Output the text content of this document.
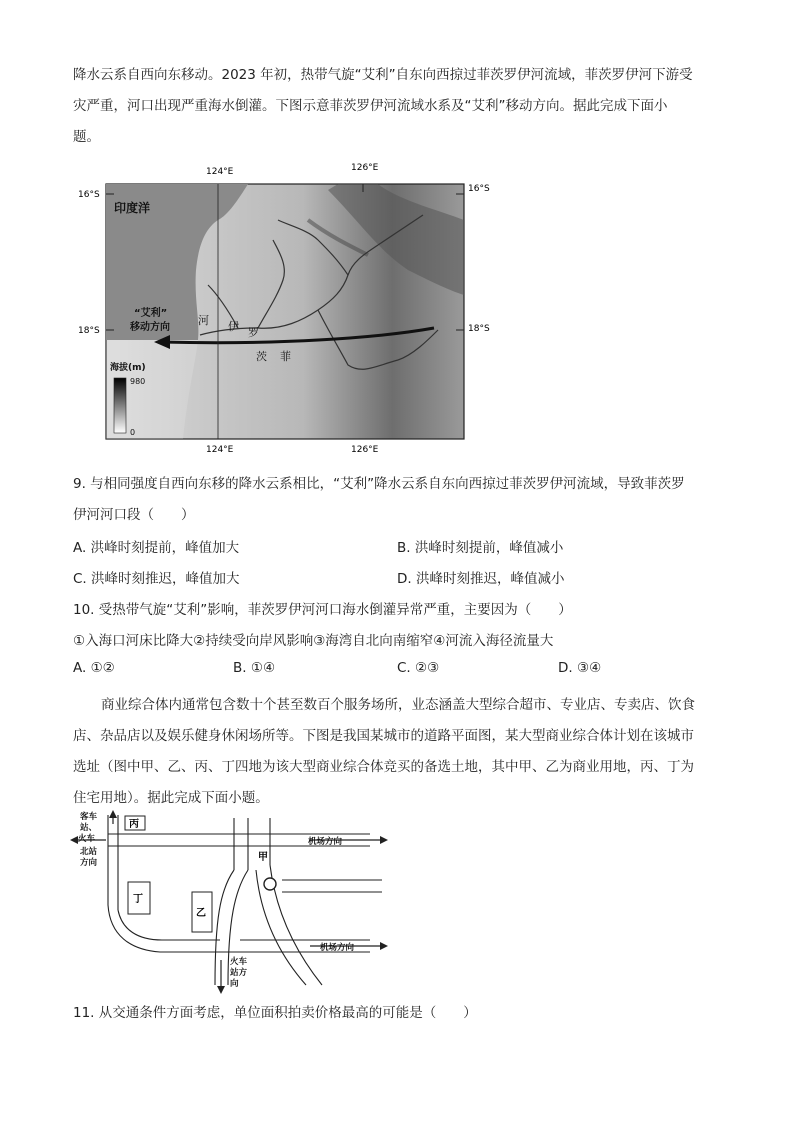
降水云系自西向东移动。2023 年初，热带气旋“艾利”自东向西掠过菲茨罗伊河流域，菲茨罗伊河下游受
灾严重，河口出现严重海水倒灌。下图示意菲茨罗伊河流域水系及“艾利”移动方向。据此完成下面小
题。
124°E	126°E
124°E	126°E
16°S
18°S
16°S
18°S
印度洋
“艾利”
移动方向
河 伊 罗
茨 菲
海拔(m)
980
0
9. 与相同强度自西向东移的降水云系相比，“艾利”降水云系自东向西掠过菲茨罗伊河流域，导致菲茨罗
伊河河口段（　　）
A. 洪峰时刻提前，峰值加大	B. 洪峰时刻提前，峰值减小
C. 洪峰时刻推迟，峰值加大	D. 洪峰时刻推迟，峰值减小
10. 受热带气旋“艾利”影响，菲茨罗伊河河口海水倒灌异常严重，主要因为（　　）
①入海口河床比降大②持续受向岸风影响③海湾自北向南缩窄④河流入海径流量大
A. ①②	B. ①④	C. ②③	D. ③④
商业综合体内通常包含数十个甚至数百个服务场所，业态涵盖大型综合超市、专业店、专卖店、饮食
店、杂品店以及娱乐健身休闲场所等。下图是我国某城市的道路平面图，某大型商业综合体计划在该城市
选址（图中甲、乙、丙、丁四地为该大型商业综合体竞买的备选土地，其中甲、乙为商业用地，丙、丁为
住宅用地）。据此完成下面小题。
丙
丁
乙
甲
客车
站、
火车
北站
方向
机场方向
机场方向
火车
站方
向
11. 从交通条件方面考虑，单位面积拍卖价格最高的可能是（　　）
